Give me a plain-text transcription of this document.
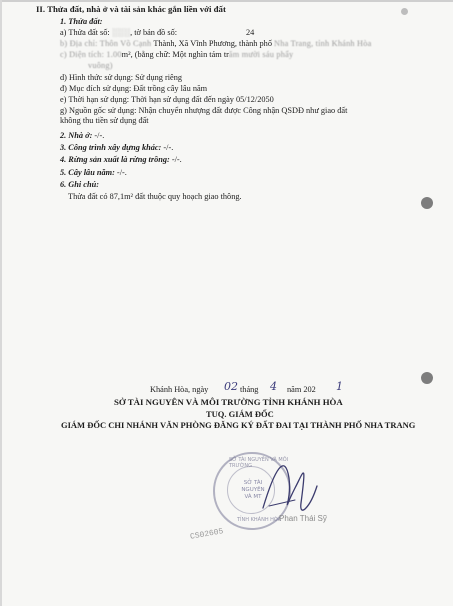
II. Thửa đất, nhà ở và tài sản khác gắn liền với đất
1. Thửa đất:
a) Thửa đất số: ░░░, tờ bản đồ số:	24
b) Địa chỉ: Thôn Võ Cạnh Thành, Xã Vĩnh Phương, thành phố Nha Trang, tỉnh Khánh Hòa
c) Diện tích: 1.00m², (bằng chữ: Một nghìn tám trăm mười sáu phẩy
vuông)
d) Hình thức sử dụng: Sử dụng riêng
đ) Mục đích sử dụng: Đất trồng cây lâu năm
e) Thời hạn sử dụng: Thời hạn sử dụng đất đến ngày 05/12/2050
g) Nguồn gốc sử dụng: Nhận chuyển nhượng đất được Công nhận QSDĐ như giao đất
không thu tiền sử dụng đất
2. Nhà ở: -/-.
3. Công trình xây dựng khác: -/-.
4. Rừng sản xuất là rừng trồng: -/-.
5. Cây lâu năm: -/-.
6. Ghi chú:
Thửa đất có 87,1m² đất thuộc quy hoạch giao thông.
Khánh Hòa, ngày 02 tháng 4 năm 202 1
SỞ TÀI NGUYÊN VÀ MÔI TRƯỜNG TỈNH KHÁNH HÒA
TUQ. GIÁM ĐỐC
GIÁM ĐỐC CHI NHÁNH VĂN PHÒNG ĐĂNG KÝ ĐẤT ĐAI TẠI THÀNH PHỐ NHA TRANG
SỞ TÀI NGUYÊN VÀ MÔI TRƯỜNG
SỞ TÀI NGUYÊN VÀ MT
TỈNH KHÁNH HÒA
Phan Thái Sỹ
CS02605
